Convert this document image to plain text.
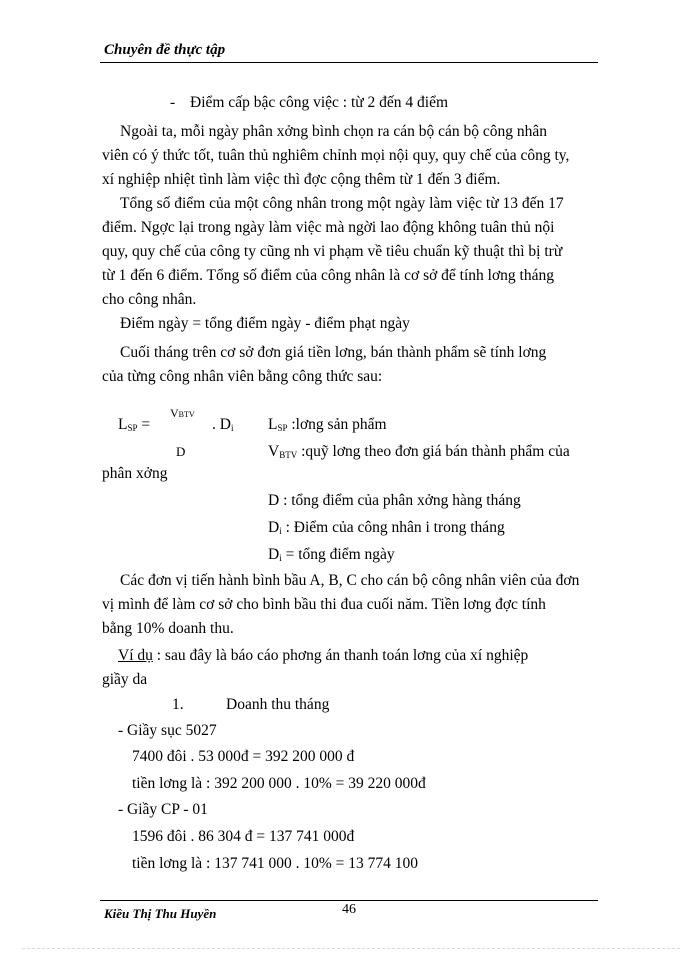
Chuyên đề thực tập
- Điểm cấp bậc công việc : từ 2 đến 4 điểm
Ngoài ta, mỗi ngày phân xởng bình chọn ra cán bộ cán bộ công nhân
viên có ý thức tốt, tuân thủ nghiêm chỉnh mọi nội quy, quy chế của công ty,
xí nghiệp nhiệt tình làm việc thì đợc cộng thêm từ 1 đến 3 điểm.
Tổng số điểm của một công nhân trong một ngày làm việc từ 13 đến 17
điểm. Ngợc lại trong ngày làm việc mà ngời lao động không tuân thủ nội
quy, quy chế của công ty cũng nh vi phạm về tiêu chuẩn kỹ thuật thì bị trừ
từ 1 đến 6 điểm. Tổng số điểm của công nhân là cơ sở để tính lơng tháng
cho công nhân.
Điểm ngày = tổng điểm ngày - điểm phạt ngày
Cuối tháng trên cơ sở đơn giá tiền lơng, bán thành phẩm sẽ tính lơng
của từng công nhân viên bằng công thức sau:
$L_{SP}$ =
VBTV
. $D_i$
D
$L_{SP}$ :lơng sản phẩm
$V_{BTV}$ :quỹ lơng theo đơn giá bán thành phẩm của
phân xởng
D : tổng điểm của phân xởng hàng tháng
$D_i$ : Điểm của công nhân i trong tháng
$D_i$ = tổng điểm ngày
Các đơn vị tiến hành bình bầu A, B, C cho cán bộ công nhân viên của đơn
vị mình để làm cơ sở cho bình bầu thi đua cuối năm. Tiền lơng đợc tính
bằng 10% doanh thu.
Ví dụ : sau đây là báo cáo phơng án thanh toán lơng của xí nghiệp
giầy da
1.	Doanh thu tháng
- Giầy sục 5027
7400 đôi . 53 000đ = 392 200 000 đ
tiền lơng là : 392 200 000 . 10% = 39 220 000đ
- Giầy CP - 01
1596 đôi . 86 304 đ = 137 741 000đ
tiền lơng là : 137 741 000 . 10% = 13 774 100
Kiều Thị Thu Huyền	46
